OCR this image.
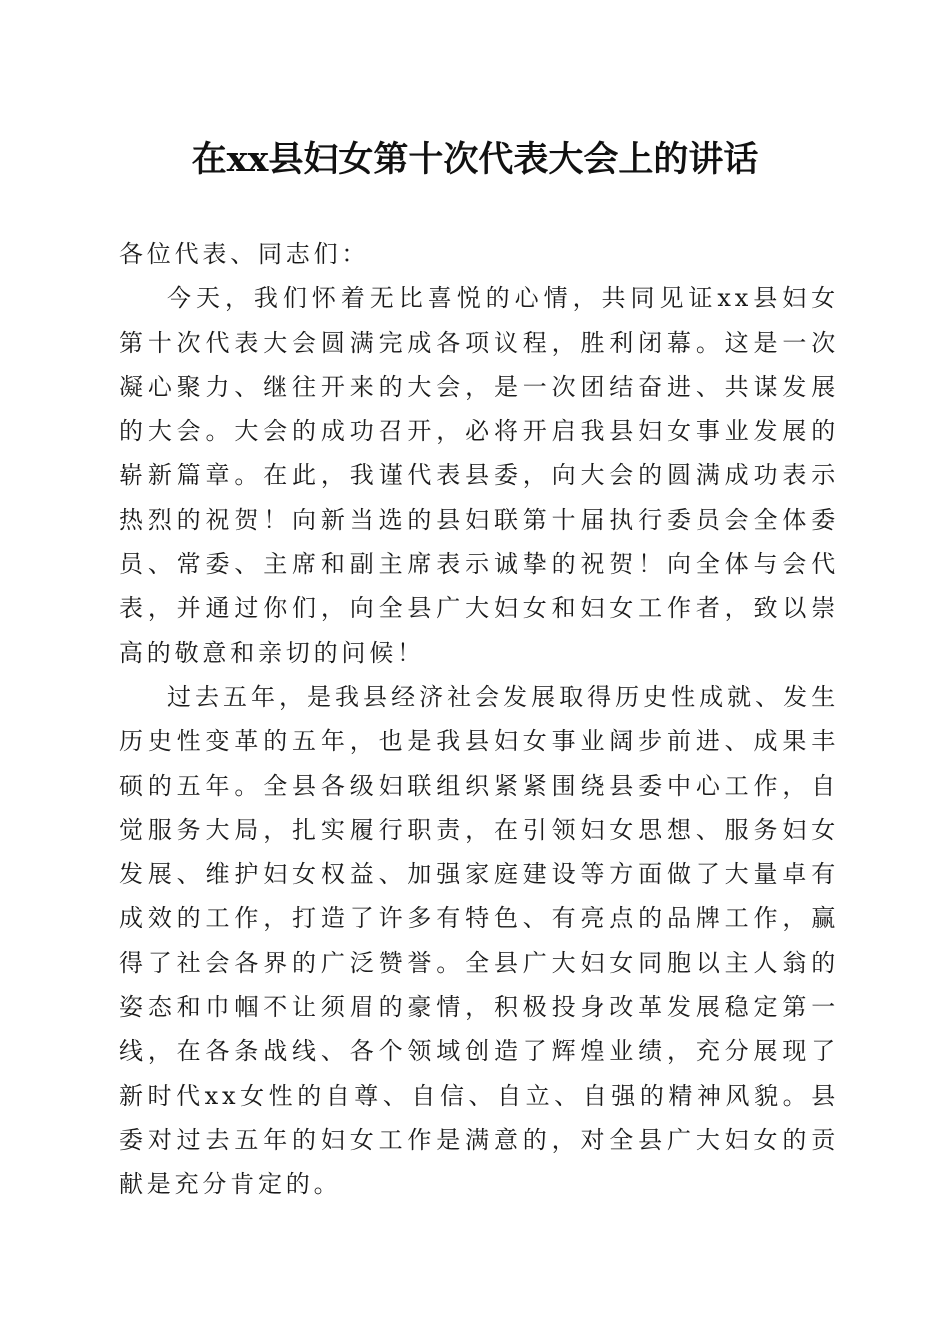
在xx县妇女第十次代表大会上的讲话

各位代表、同志们：

今天，我们怀着无比喜悦的心情，共同见证xx县妇女第十次代表大会圆满完成各项议程，胜利闭幕。这是一次凝心聚力、继往开来的大会，是一次团结奋进、共谋发展的大会。大会的成功召开，必将开启我县妇女事业发展的崭新篇章。在此，我谨代表县委，向大会的圆满成功表示热烈的祝贺！向新当选的县妇联第十届执行委员会全体委员、常委、主席和副主席表示诚挚的祝贺！向全体与会代表，并通过你们，向全县广大妇女和妇女工作者，致以崇高的敬意和亲切的问候！

过去五年，是我县经济社会发展取得历史性成就、发生历史性变革的五年，也是我县妇女事业阔步前进、成果丰硕的五年。全县各级妇联组织紧紧围绕县委中心工作，自觉服务大局，扎实履行职责，在引领妇女思想、服务妇女发展、维护妇女权益、加强家庭建设等方面做了大量卓有成效的工作，打造了许多有特色、有亮点的品牌工作，赢得了社会各界的广泛赞誉。全县广大妇女同胞以主人翁的姿态和巾帼不让须眉的豪情，积极投身改革发展稳定第一线，在各条战线、各个领域创造了辉煌业绩，充分展现了新时代xx女性的自尊、自信、自立、自强的精神风貌。县委对过去五年的妇女工作是满意的，对全县广大妇女的贡献是充分肯定的。
